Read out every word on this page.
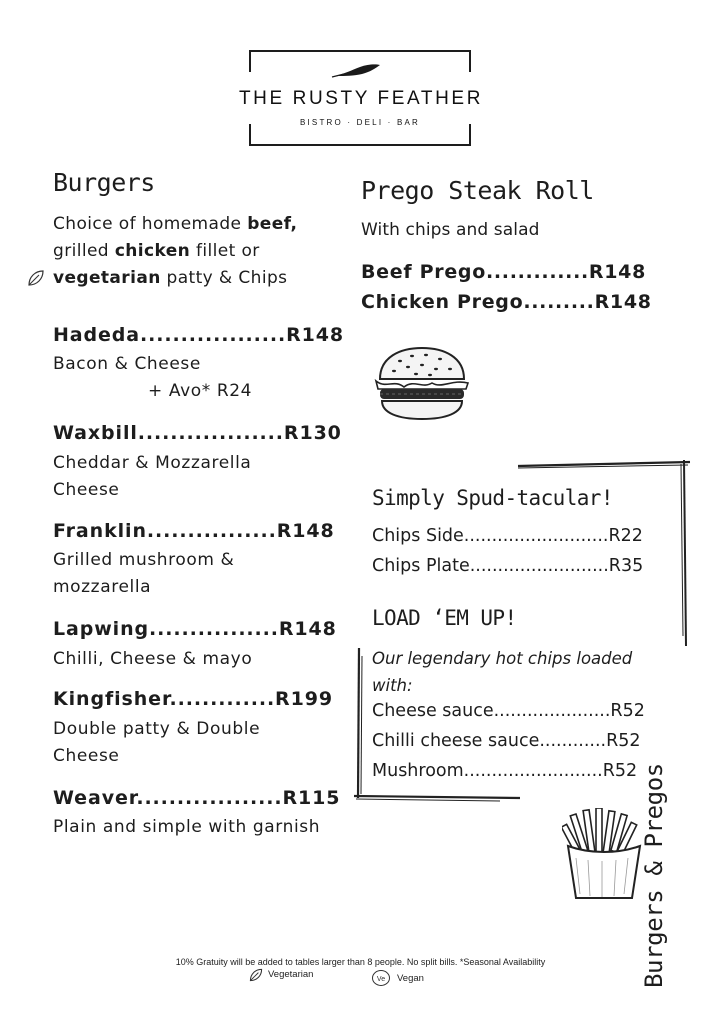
THE RUSTY FEATHER
BISTRO · DELI · BAR
Burgers
Choice of homemade beef, grilled chicken fillet or vegetarian patty & Chips
Hadeda..................R148
Bacon & Cheese
+ Avo* R24
Waxbill..................R130
Cheddar & Mozzarella Cheese
Franklin................R148
Grilled mushroom & mozzarella
Lapwing................R148
Chilli, Cheese & mayo
Kingfisher.............R199
Double patty & Double Cheese
Weaver..................R115
Plain and simple with garnish
Prego Steak Roll
With chips and salad
Beef Prego.............R148
Chicken Prego.........R148
Simply Spud-tacular!
Chips Side..........................R22
Chips Plate.........................R35
LOAD ‘EM UP!
Our legendary hot chips loaded with:
Cheese sauce.....................R52
Chilli cheese sauce............R52
Mushroom.........................R52 Burgers & Pregos
10% Gratuity will be added to tables larger than 8 people. No split bills. *Seasonal Availability
Vegetarian	Ve Vegan
